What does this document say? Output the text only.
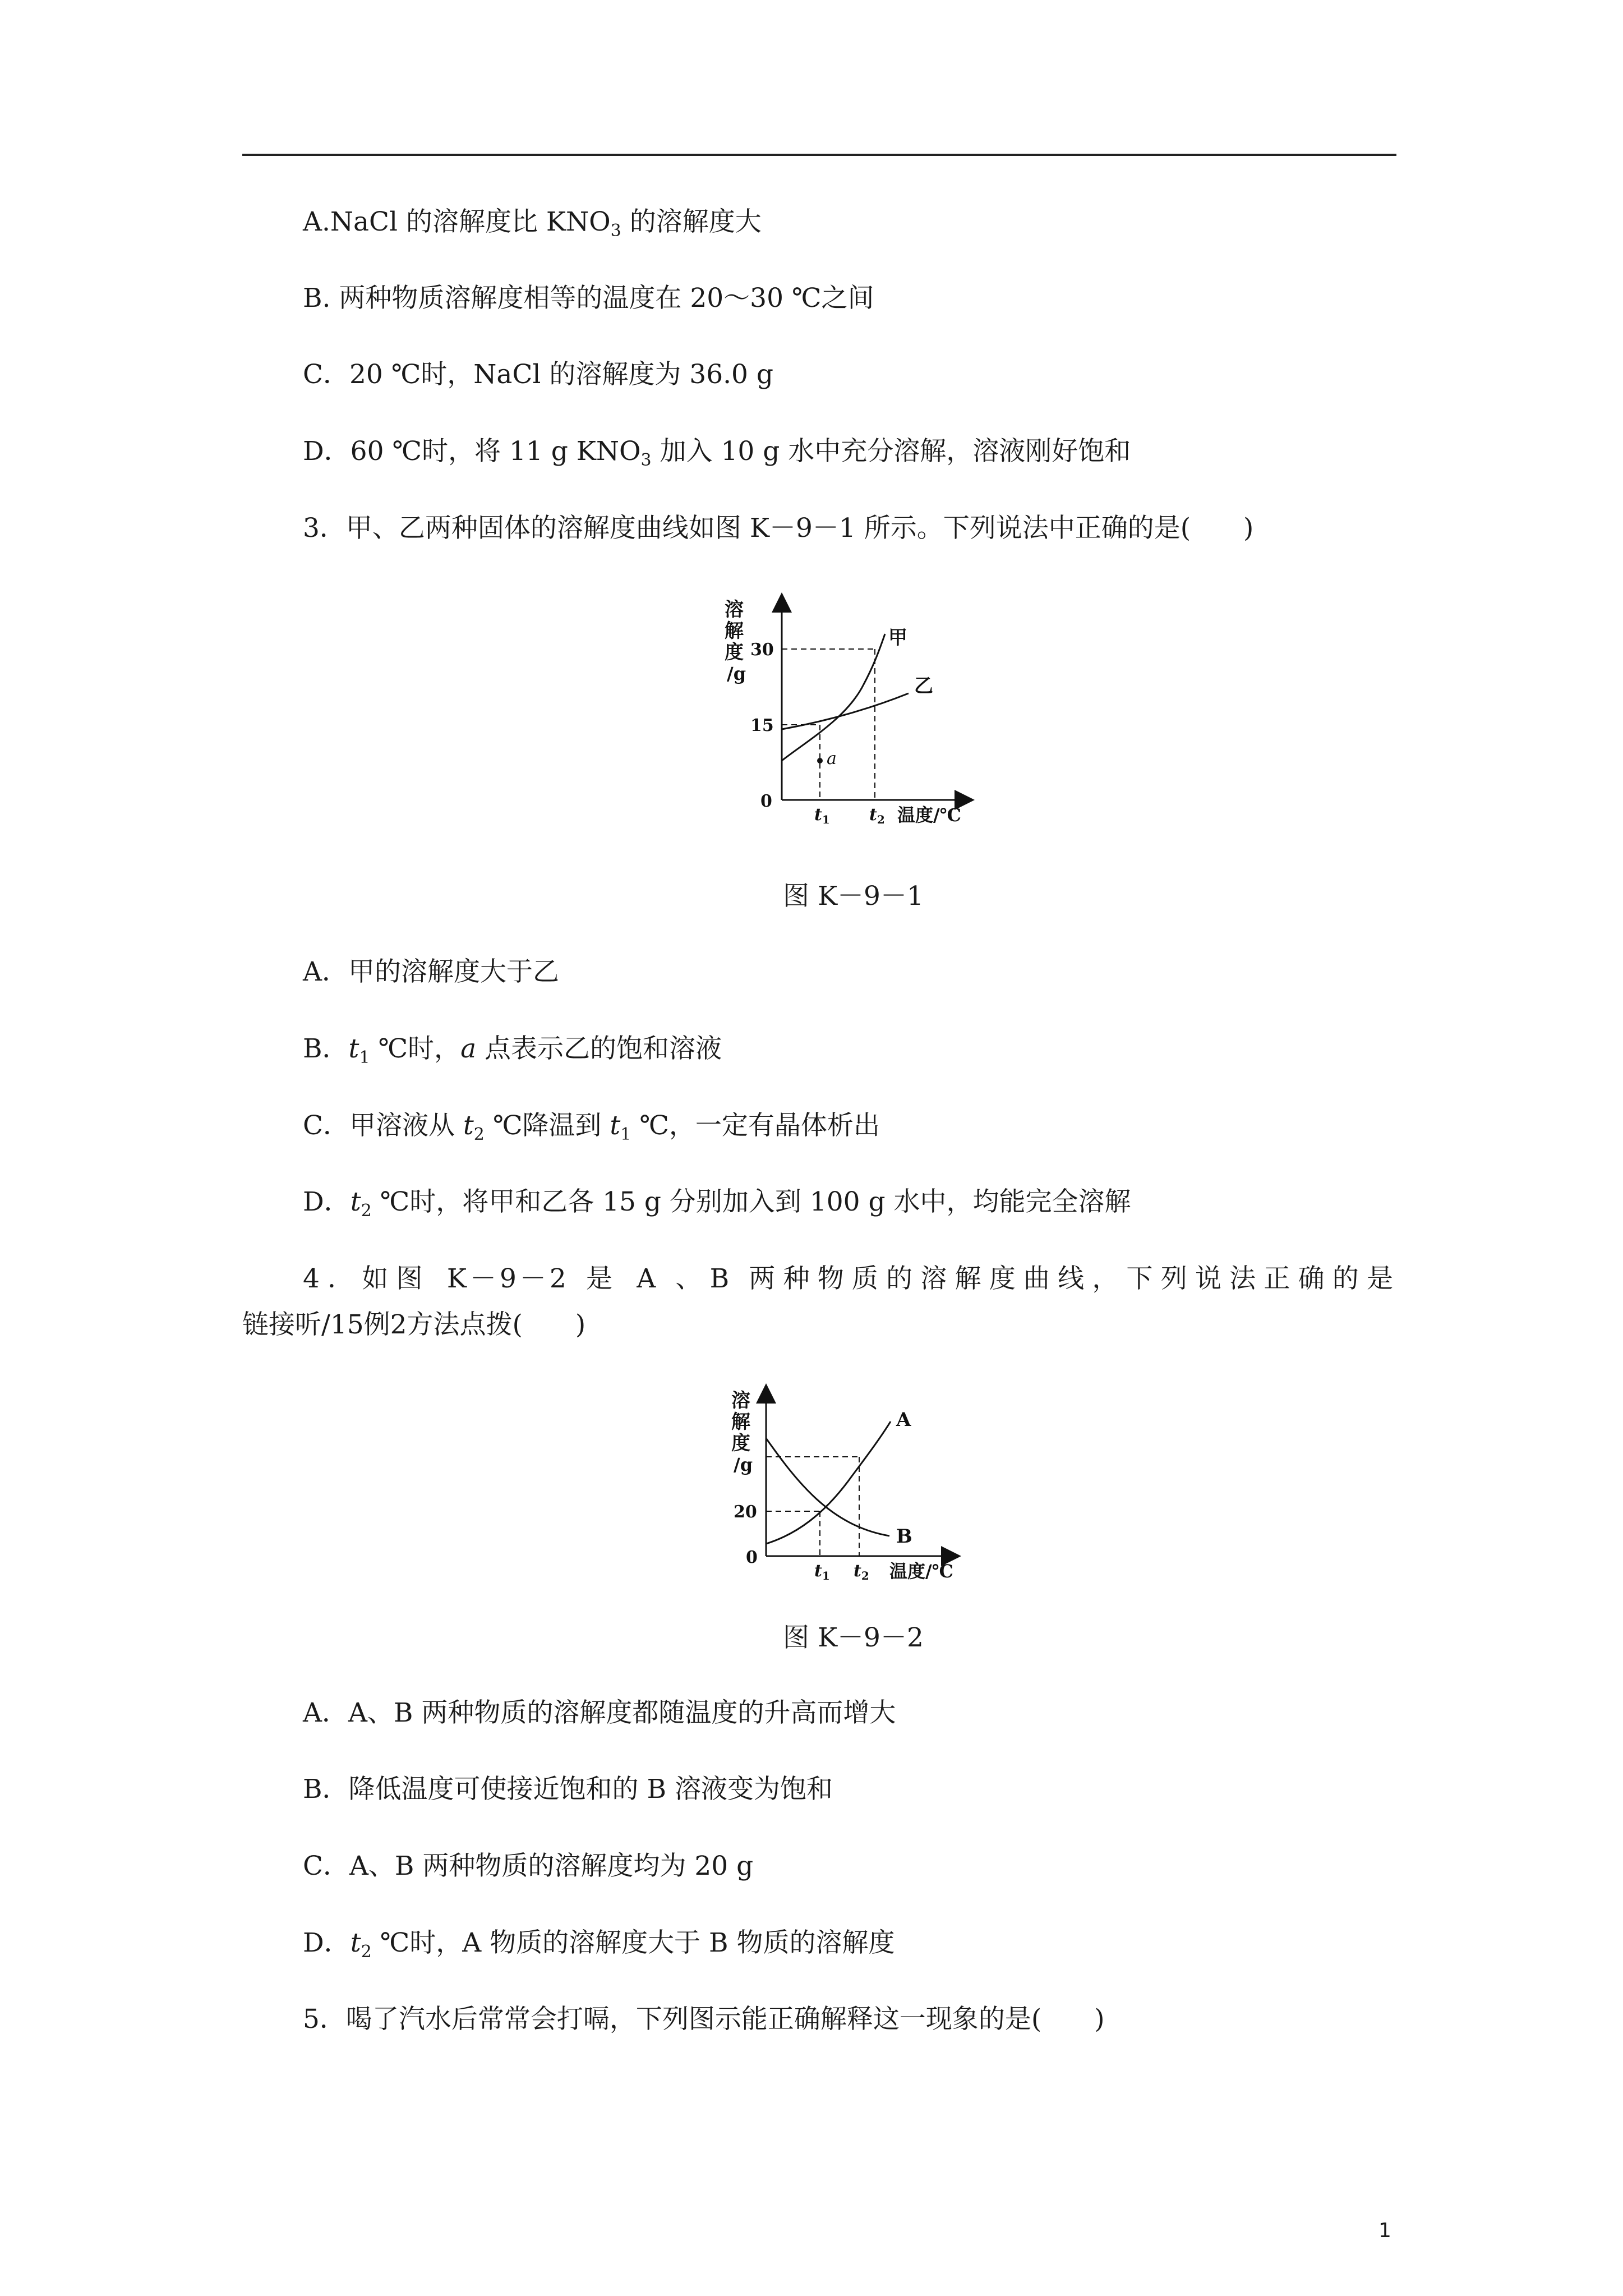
A.NaCl 的溶解度比 $KNO_3$ 的溶解度大
B. 两种物质溶解度相等的温度在 20～30 ℃之间
C．20 ℃时，NaCl 的溶解度为 36.0 g
D．60 ℃时，将 11 g $KNO_3$ 加入 10 g 水中充分溶解，溶液刚好饱和
3．甲、乙两种固体的溶解度曲线如图 K－9－1 所示。下列说法中正确的是(　　)
a
溶
解
度
/g
30
15
0
$t_1$ $t_2$ 温度/℃
甲
乙
图 K－9－1
A．甲的溶解度大于乙
B．$t_1$ ℃时，a 点表示乙的饱和溶液
C．甲溶液从 $t_2$ ℃降温到 $t_1$ ℃，一定有晶体析出
D．$t_2$ ℃时，将甲和乙各 15 g 分别加入到 100 g 水中，均能完全溶解
4．如图 K－9－2 是 A 、B 两种物质的溶解度曲线，下列说法正确的是
链接听/15例2方法点拨(　　)
溶
解
度
/g
20
0
$t_1$ $t_2$ 温度/℃
A
B
图 K－9－2
A．A、B 两种物质的溶解度都随温度的升高而增大
B．降低温度可使接近饱和的 B 溶液变为饱和
C．A、B 两种物质的溶解度均为 20 g
D．$t_2$ ℃时，A 物质的溶解度大于 B 物质的溶解度
5．喝了汽水后常常会打嗝，下列图示能正确解释这一现象的是(　　)
1
